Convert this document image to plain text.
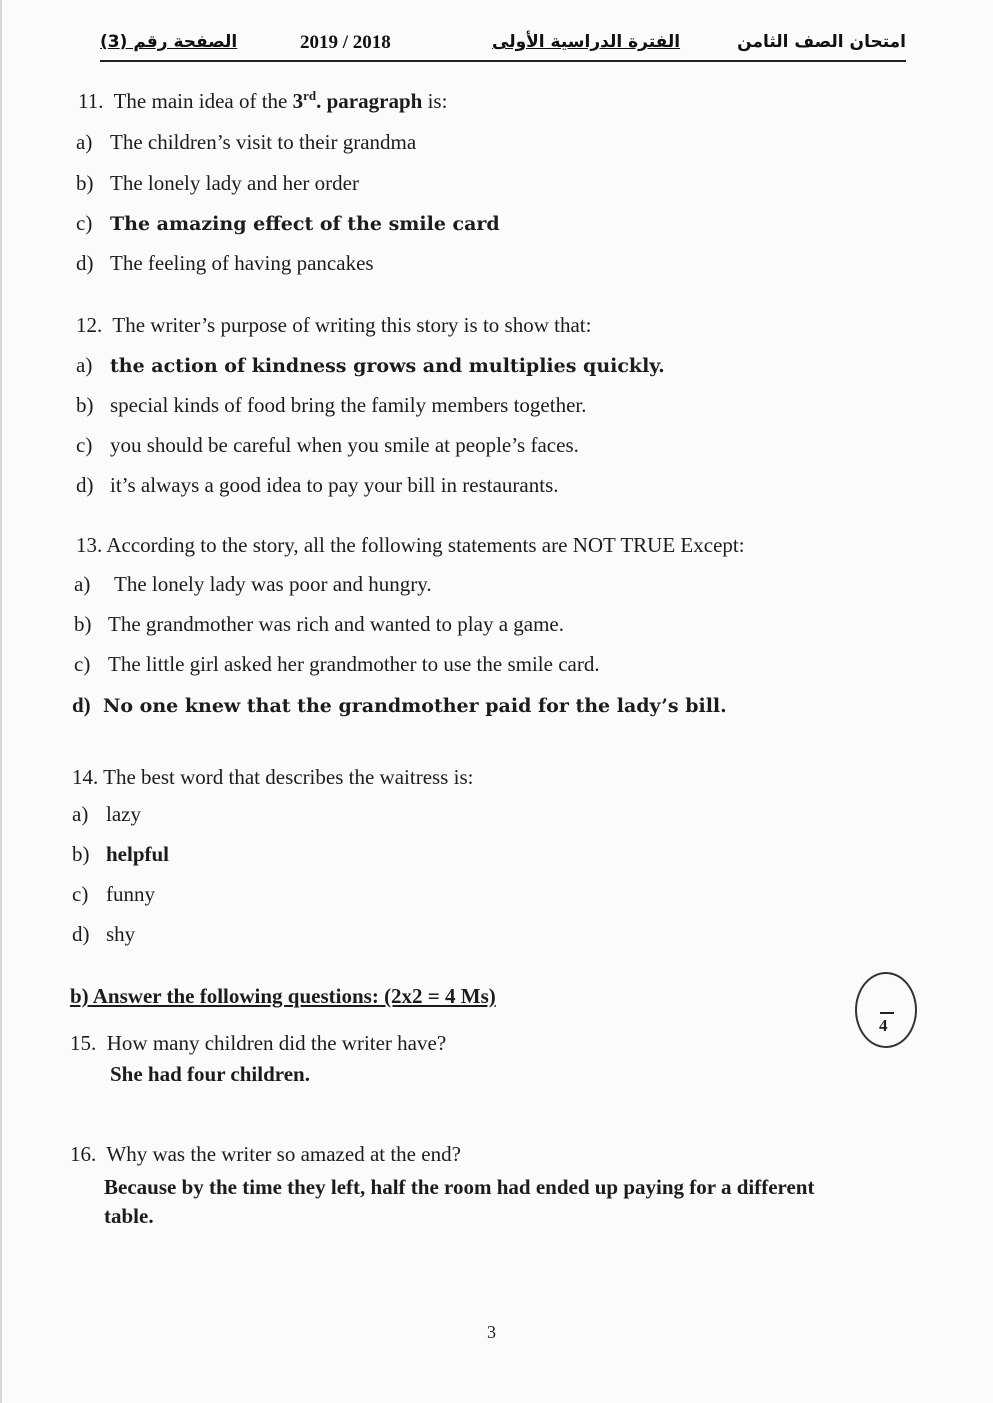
الصفحة رقم (3)	2019 / 2018	الفترة الدراسية الأولى	امتحان الصف الثامن
11. The main idea of the 3rd. paragraph is:
a) The children’s visit to their grandma
b) The lonely lady and her order
c) The amazing effect of the smile card
d) The feeling of having pancakes
12. The writer’s purpose of writing this story is to show that:
a) the action of kindness grows and multiplies quickly.
b) special kinds of food bring the family members together.
c) you should be careful when you smile at people’s faces.
d) it’s always a good idea to pay your bill in restaurants.
13. According to the story, all the following statements are NOT TRUE Except:
a) The lonely lady was poor and hungry.
b) The grandmother was rich and wanted to play a game.
c) The little girl asked her grandmother to use the smile card.
d) No one knew that the grandmother paid for the lady’s bill.
14. The best word that describes the waitress is:
a) lazy
b) helpful
c) funny
d) shy
b) Answer the following questions: (2x2 = 4 Ms)
4
15. How many children did the writer have?
She had four children.
16. Why was the writer so amazed at the end?
Because by the time they left, half the room had ended up paying for a different
table.
3
